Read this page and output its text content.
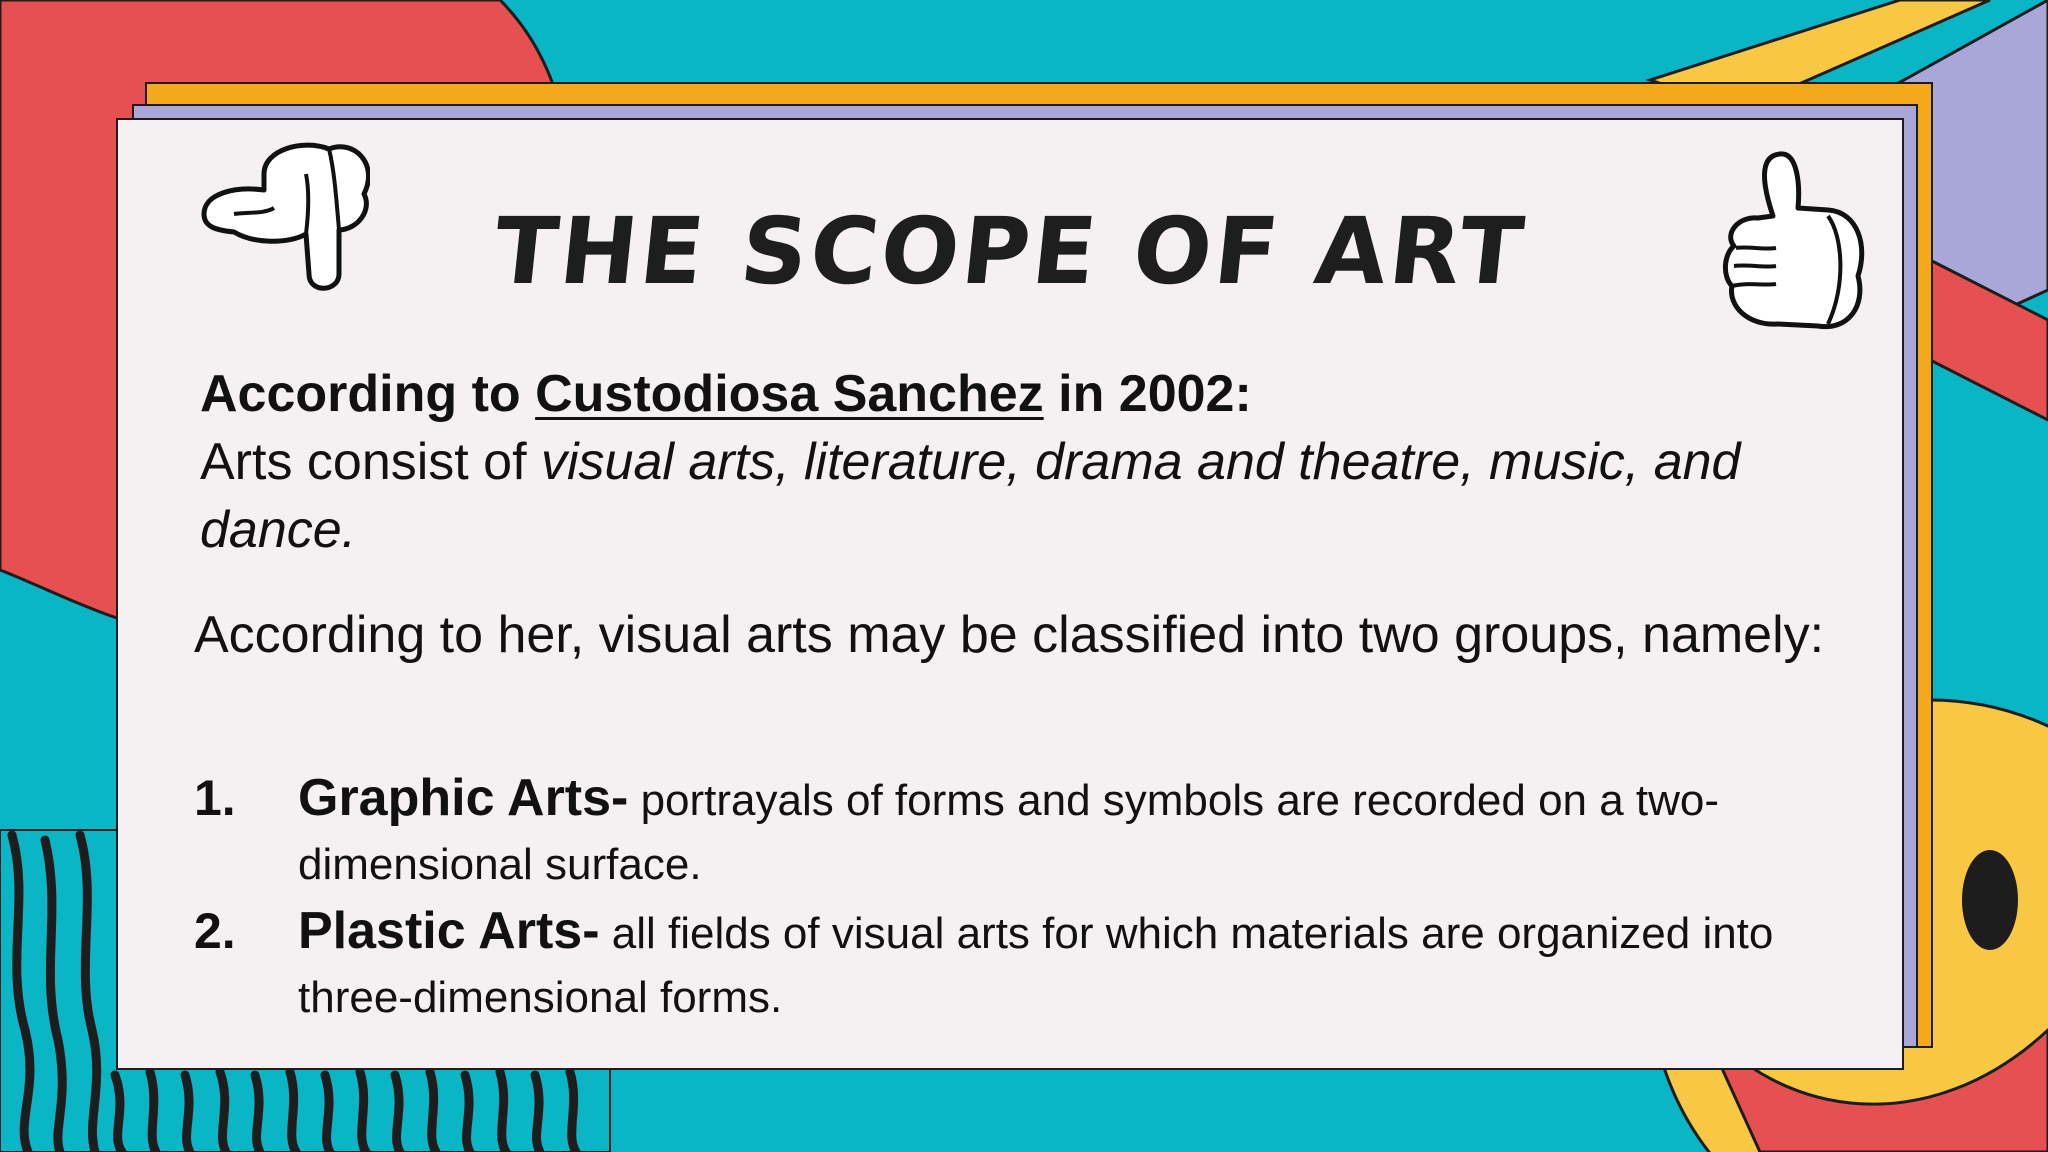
THE SCOPE OF ART
According to Custodiosa Sanchez in 2002:
Arts consist of visual arts, literature, drama and theatre, music, and dance.
According to her, visual arts may be classified into two groups, namely:
1. Graphic Arts- portrayals of forms and symbols are recorded on a two-dimensional surface.
2. Plastic Arts- all fields of visual arts for which materials are organized into three-dimensional forms.
